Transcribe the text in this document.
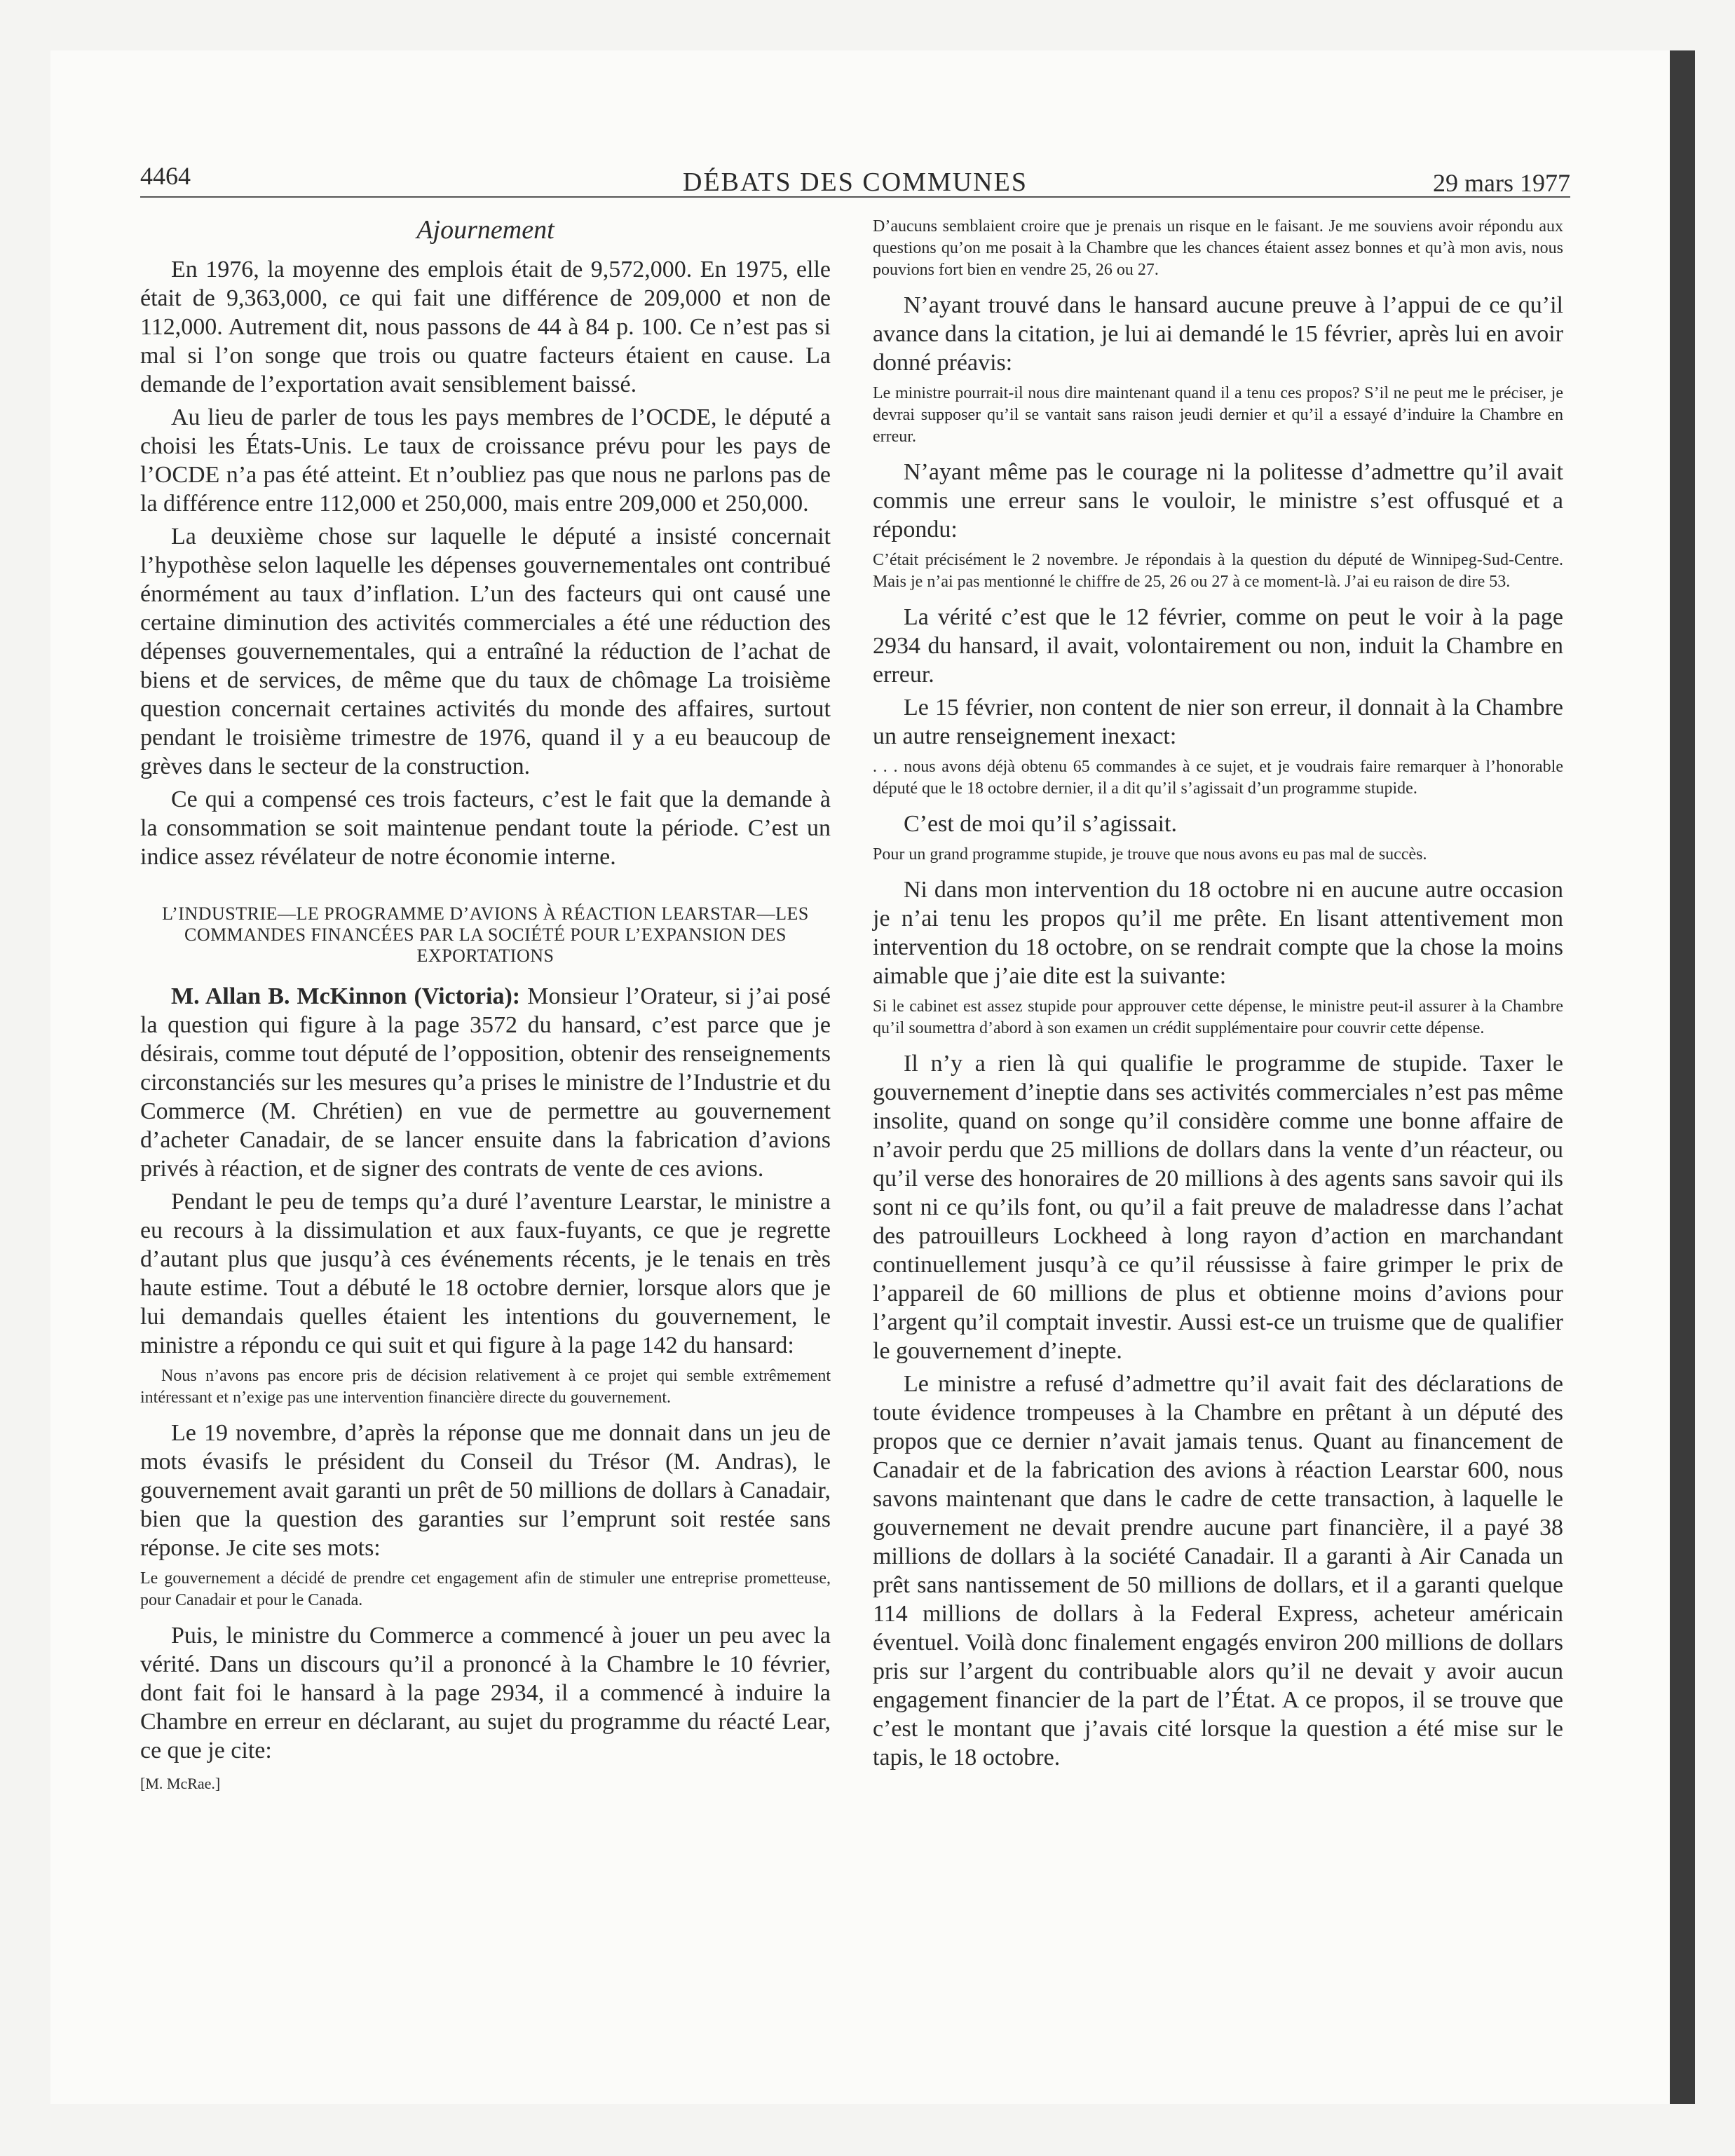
4464	DÉBATS DES COMMUNES	29 mars 1977
Ajournement

En 1976, la moyenne des emplois était de 9,572,000. En 1975, elle était de 9,363,000, ce qui fait une différence de 209,000 et non de 112,000. Autrement dit, nous passons de 44 à 84 p. 100. Ce n’est pas si mal si l’on songe que trois ou quatre facteurs étaient en cause. La demande de l’exportation avait sensiblement baissé.

Au lieu de parler de tous les pays membres de l’OCDE, le député a choisi les États-Unis. Le taux de croissance prévu pour les pays de l’OCDE n’a pas été atteint. Et n’oubliez pas que nous ne parlons pas de la différence entre 112,000 et 250,000, mais entre 209,000 et 250,000.

La deuxième chose sur laquelle le député a insisté concernait l’hypothèse selon laquelle les dépenses gouvernementales ont contribué énormément au taux d’inflation. L’un des facteurs qui ont causé une certaine diminution des activités commerciales a été une réduction des dépenses gouvernementales, qui a entraîné la réduction de l’achat de biens et de services, de même que du taux de chômage La troisième question concernait certaines activités du monde des affaires, surtout pendant le troisième trimestre de 1976, quand il y a eu beaucoup de grèves dans le secteur de la construction.

Ce qui a compensé ces trois facteurs, c’est le fait que la demande à la consommation se soit maintenue pendant toute la période. C’est un indice assez révélateur de notre économie interne.

L’INDUSTRIE—LE PROGRAMME D’AVIONS À RÉACTION LEARSTAR—LES COMMANDES FINANCÉES PAR LA SOCIÉTÉ POUR L’EXPANSION DES EXPORTATIONS

M. Allan B. McKinnon (Victoria): Monsieur l’Orateur, si j’ai posé la question qui figure à la page 3572 du hansard, c’est parce que je désirais, comme tout député de l’opposition, obtenir des renseignements circonstanciés sur les mesures qu’a prises le ministre de l’Industrie et du Commerce (M. Chrétien) en vue de permettre au gouvernement d’acheter Canadair, de se lancer ensuite dans la fabrication d’avions privés à réaction, et de signer des contrats de vente de ces avions.

Pendant le peu de temps qu’a duré l’aventure Learstar, le ministre a eu recours à la dissimulation et aux faux-fuyants, ce que je regrette d’autant plus que jusqu’à ces événements récents, je le tenais en très haute estime. Tout a débuté le 18 octobre dernier, lorsque alors que je lui demandais quelles étaient les intentions du gouvernement, le ministre a répondu ce qui suit et qui figure à la page 142 du hansard:

Nous n’avons pas encore pris de décision relativement à ce projet qui semble extrêmement intéressant et n’exige pas une intervention financière directe du gouvernement.

Le 19 novembre, d’après la réponse que me donnait dans un jeu de mots évasifs le président du Conseil du Trésor (M. Andras), le gouvernement avait garanti un prêt de 50 millions de dollars à Canadair, bien que la question des garanties sur l’emprunt soit restée sans réponse. Je cite ses mots:

Le gouvernement a décidé de prendre cet engagement afin de stimuler une entreprise prometteuse, pour Canadair et pour le Canada.

Puis, le ministre du Commerce a commencé à jouer un peu avec la vérité. Dans un discours qu’il a prononcé à la Chambre le 10 février, dont fait foi le hansard à la page 2934, il a commencé à induire la Chambre en erreur en déclarant, au sujet du programme du réacté Lear, ce que je cite:

[M. McRae.]

D’aucuns semblaient croire que je prenais un risque en le faisant. Je me souviens avoir répondu aux questions qu’on me posait à la Chambre que les chances étaient assez bonnes et qu’à mon avis, nous pouvions fort bien en vendre 25, 26 ou 27.

N’ayant trouvé dans le hansard aucune preuve à l’appui de ce qu’il avance dans la citation, je lui ai demandé le 15 février, après lui en avoir donné préavis:

Le ministre pourrait-il nous dire maintenant quand il a tenu ces propos? S’il ne peut me le préciser, je devrai supposer qu’il se vantait sans raison jeudi dernier et qu’il a essayé d’induire la Chambre en erreur.

N’ayant même pas le courage ni la politesse d’admettre qu’il avait commis une erreur sans le vouloir, le ministre s’est offusqué et a répondu:

C’était précisément le 2 novembre. Je répondais à la question du député de Winnipeg-Sud-Centre. Mais je n’ai pas mentionné le chiffre de 25, 26 ou 27 à ce moment-là. J’ai eu raison de dire 53.

La vérité c’est que le 12 février, comme on peut le voir à la page 2934 du hansard, il avait, volontairement ou non, induit la Chambre en erreur.

Le 15 février, non content de nier son erreur, il donnait à la Chambre un autre renseignement inexact:

. . . nous avons déjà obtenu 65 commandes à ce sujet, et je voudrais faire remarquer à l’honorable député que le 18 octobre dernier, il a dit qu’il s’agissait d’un programme stupide.

C’est de moi qu’il s’agissait.

Pour un grand programme stupide, je trouve que nous avons eu pas mal de succès.

Ni dans mon intervention du 18 octobre ni en aucune autre occasion je n’ai tenu les propos qu’il me prête. En lisant attentivement mon intervention du 18 octobre, on se rendrait compte que la chose la moins aimable que j’aie dite est la suivante:

Si le cabinet est assez stupide pour approuver cette dépense, le ministre peut-il assurer à la Chambre qu’il soumettra d’abord à son examen un crédit supplémentaire pour couvrir cette dépense.

Il n’y a rien là qui qualifie le programme de stupide. Taxer le gouvernement d’ineptie dans ses activités commerciales n’est pas même insolite, quand on songe qu’il considère comme une bonne affaire de n’avoir perdu que 25 millions de dollars dans la vente d’un réacteur, ou qu’il verse des honoraires de 20 millions à des agents sans savoir qui ils sont ni ce qu’ils font, ou qu’il a fait preuve de maladresse dans l’achat des patrouilleurs Lockheed à long rayon d’action en marchandant continuellement jusqu’à ce qu’il réussisse à faire grimper le prix de l’appareil de 60 millions de plus et obtienne moins d’avions pour l’argent qu’il comptait investir. Aussi est-ce un truisme que de qualifier le gouvernement d’inepte.

Le ministre a refusé d’admettre qu’il avait fait des déclarations de toute évidence trompeuses à la Chambre en prêtant à un député des propos que ce dernier n’avait jamais tenus. Quant au financement de Canadair et de la fabrication des avions à réaction Learstar 600, nous savons maintenant que dans le cadre de cette transaction, à laquelle le gouvernement ne devait prendre aucune part financière, il a payé 38 millions de dollars à la société Canadair. Il a garanti à Air Canada un prêt sans nantissement de 50 millions de dollars, et il a garanti quelque 114 millions de dollars à la Federal Express, acheteur américain éventuel. Voilà donc finalement engagés environ 200 millions de dollars pris sur l’argent du contribuable alors qu’il ne devait y avoir aucun engagement financier de la part de l’État. A ce propos, il se trouve que c’est le montant que j’avais cité lorsque la question a été mise sur le tapis, le 18 octobre.
